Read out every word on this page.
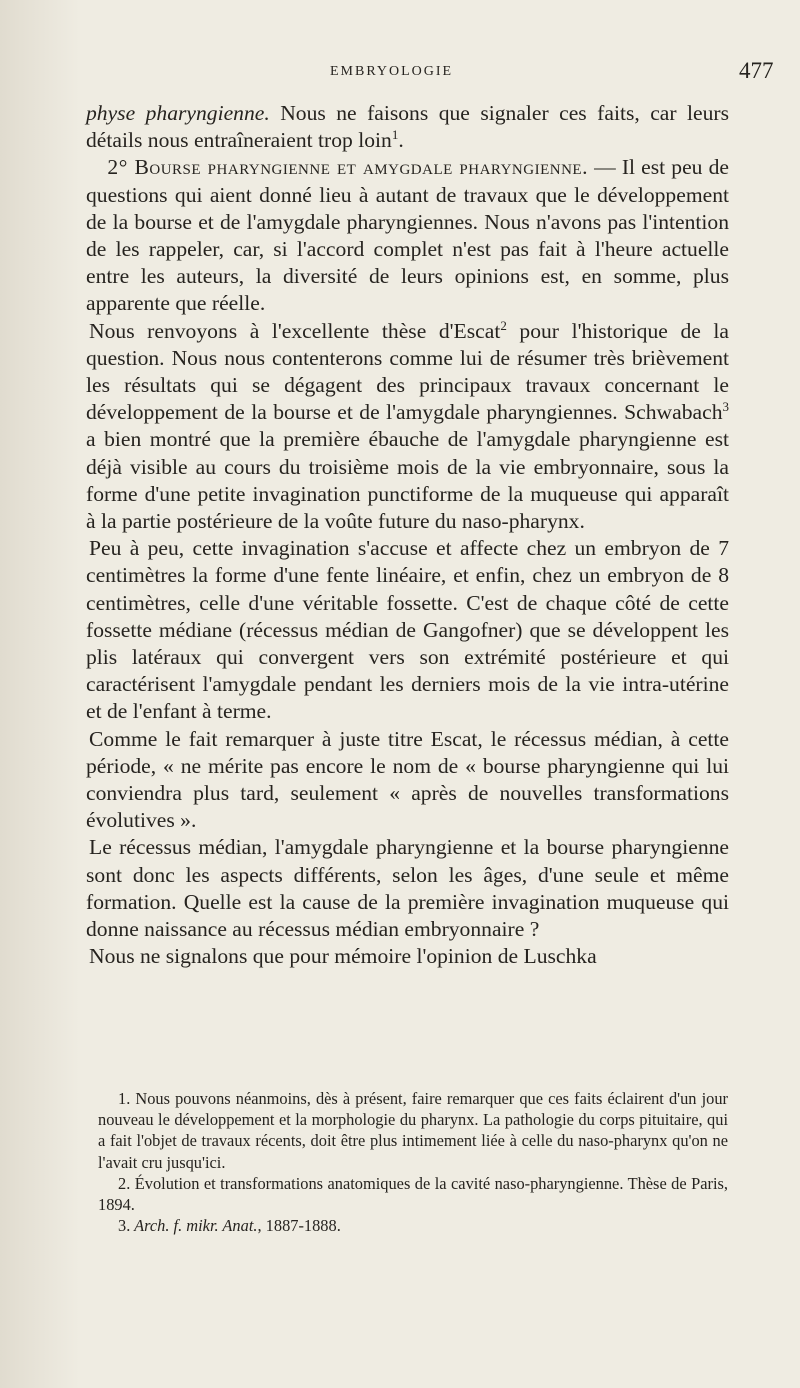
EMBRYOLOGIE	477

physe pharyngienne. Nous ne faisons que signaler ces faits, car leurs détails nous entraîneraient trop loin$^1$.

2° Bourse pharyngienne et amygdale pharyngienne. — Il est peu de questions qui aient donné lieu à autant de travaux que le développement de la bourse et de l'amygdale pharyngiennes. Nous n'avons pas l'intention de les rappeler, car, si l'accord complet n'est pas fait à l'heure actuelle entre les auteurs, la diversité de leurs opinions est, en somme, plus apparente que réelle.

Nous renvoyons à l'excellente thèse d'Escat$^2$ pour l'historique de la question. Nous nous contenterons comme lui de résumer très brièvement les résultats qui se dégagent des principaux travaux concernant le développement de la bourse et de l'amygdale pharyngiennes. Schwabach$^3$ a bien montré que la première ébauche de l'amygdale pharyngienne est déjà visible au cours du troisième mois de la vie embryonnaire, sous la forme d'une petite invagination punctiforme de la muqueuse qui apparaît à la partie postérieure de la voûte future du naso-pharynx.

Peu à peu, cette invagination s'accuse et affecte chez un embryon de 7 centimètres la forme d'une fente linéaire, et enfin, chez un embryon de 8 centimètres, celle d'une véritable fossette. C'est de chaque côté de cette fossette médiane (récessus médian de Gangofner) que se développent les plis latéraux qui convergent vers son extrémité postérieure et qui caractérisent l'amygdale pendant les derniers mois de la vie intra-utérine et de l'enfant à terme.

Comme le fait remarquer à juste titre Escat, le récessus médian, à cette période, « ne mérite pas encore le nom de « bourse pharyngienne qui lui conviendra plus tard, seulement « après de nouvelles transformations évolutives ».

Le récessus médian, l'amygdale pharyngienne et la bourse pharyngienne sont donc les aspects différents, selon les âges, d'une seule et même formation. Quelle est la cause de la première invagination muqueuse qui donne naissance au récessus médian embryonnaire ?

Nous ne signalons que pour mémoire l'opinion de Luschka

1. Nous pouvons néanmoins, dès à présent, faire remarquer que ces faits éclairent d'un jour nouveau le développement et la morphologie du pharynx. La pathologie du corps pituitaire, qui a fait l'objet de travaux récents, doit être plus intimement liée à celle du naso-pharynx qu'on ne l'avait cru jusqu'ici.

2. Évolution et transformations anatomiques de la cavité naso-pharyngienne. Thèse de Paris, 1894.

3. Arch. f. mikr. Anat., 1887-1888.
